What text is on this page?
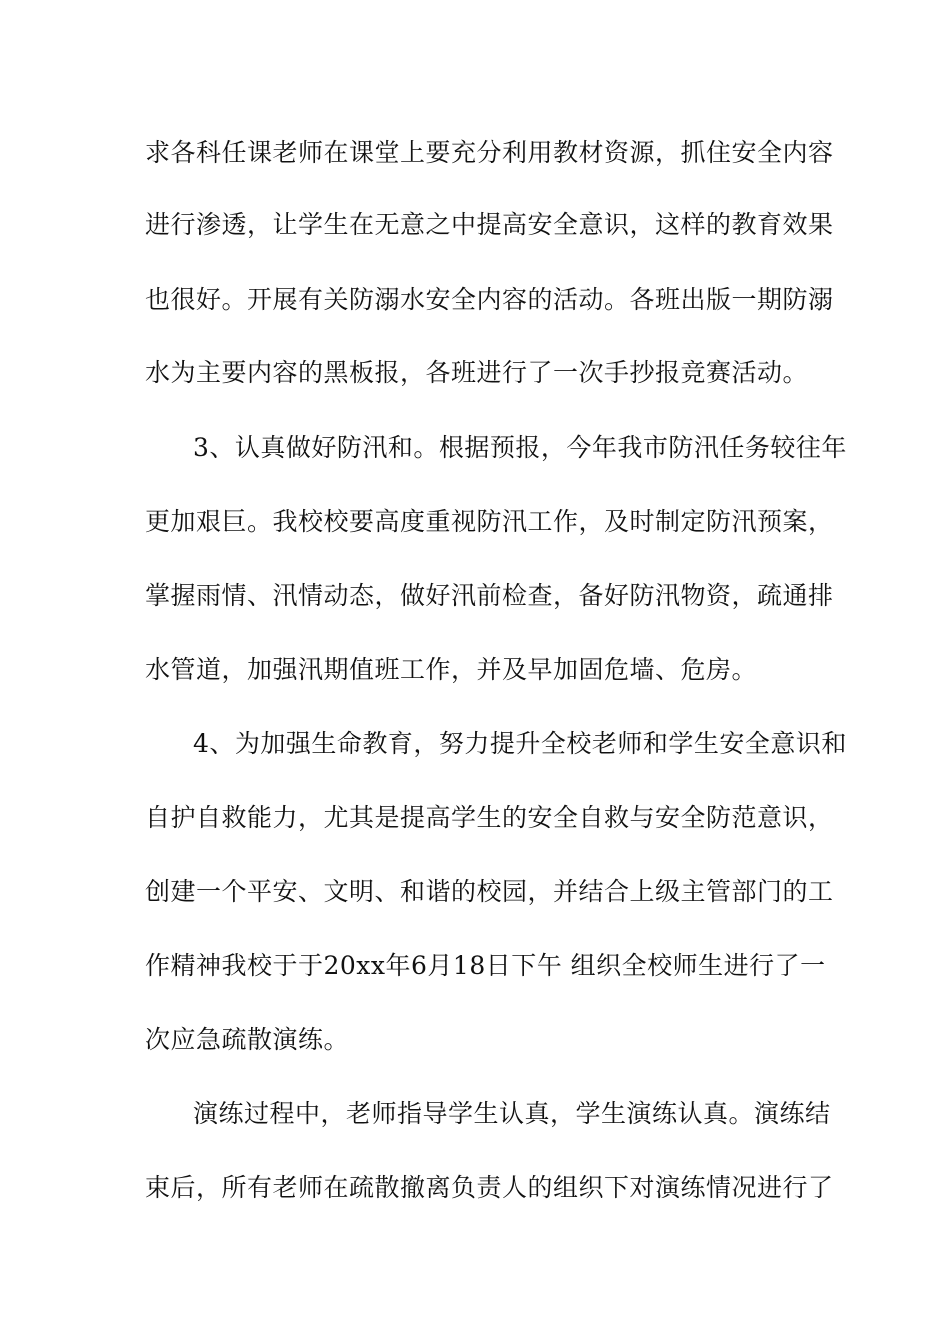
求各科任课老师在课堂上要充分利用教材资源，抓住安全内容
进行渗透，让学生在无意之中提高安全意识，这样的教育效果
也很好。开展有关防溺水安全内容的活动。各班出版一期防溺
水为主要内容的黑板报，各班进行了一次手抄报竞赛活动。
3、认真做好防汛和。根据预报，今年我市防汛任务较往年
更加艰巨。我校校要高度重视防汛工作，及时制定防汛预案，
掌握雨情、汛情动态，做好汛前检查，备好防汛物资，疏通排
水管道，加强汛期值班工作，并及早加固危墙、危房。
4、为加强生命教育，努力提升全校老师和学生安全意识和
自护自救能力，尤其是提高学生的安全自救与安全防范意识，
创建一个平安、文明、和谐的校园，并结合上级主管部门的工
作精神我校于于20xx年6月18日下午 组织全校师生进行了一
次应急疏散演练。
演练过程中，老师指导学生认真，学生演练认真。演练结
束后，所有老师在疏散撤离负责人的组织下对演练情况进行了
